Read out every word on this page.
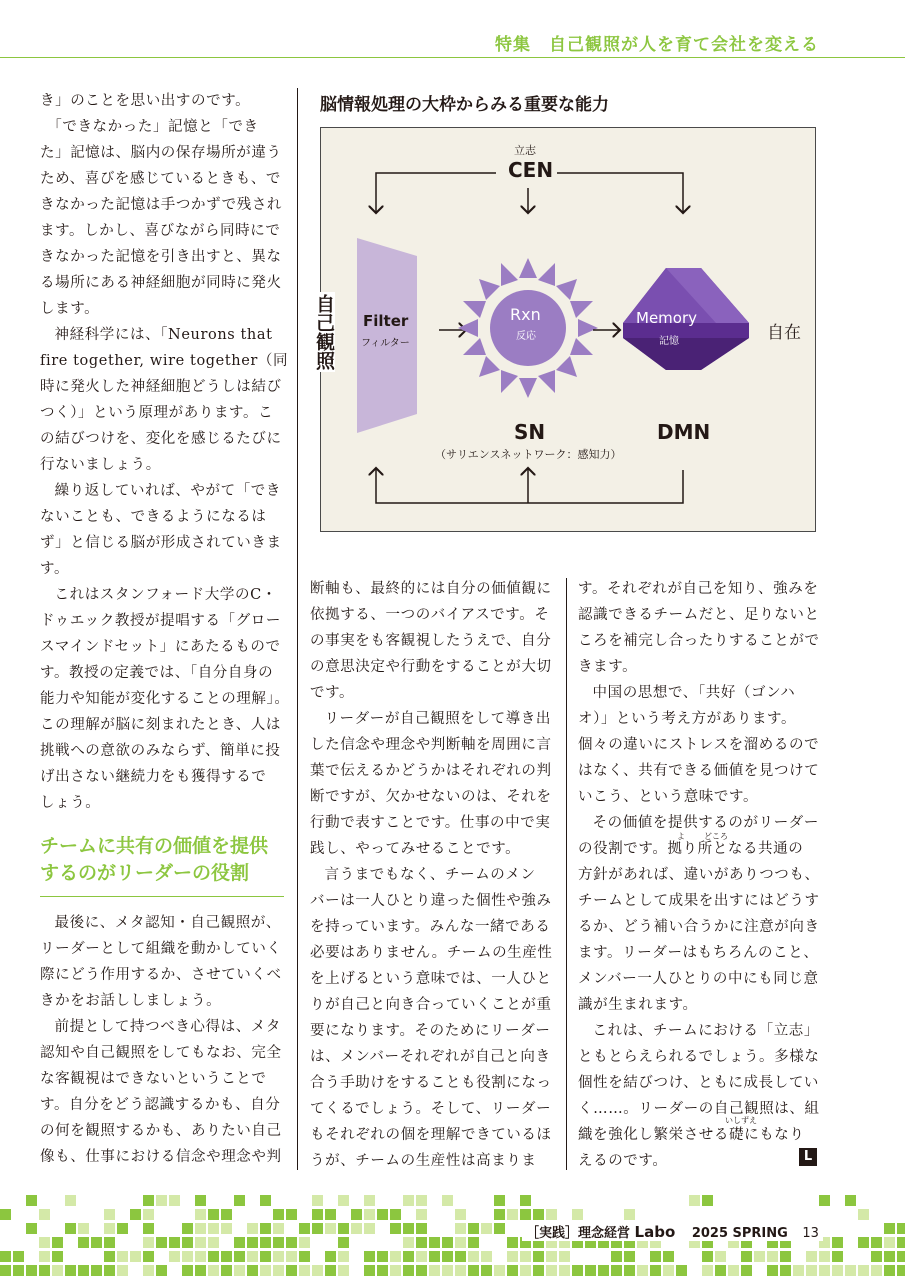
特集　自己観照が人を育て会社を変える

き」のことを思い出すのです。

「できなかった」記憶と「でき

た」記憶は、脳内の保存場所が違う

ため、喜びを感じているときも、で

きなかった記憶は手つかずで残され

ます。しかし、喜びながら同時にで

きなかった記憶を引き出すと、異な

る場所にある神経細胞が同時に発火

します。

神経科学には、「Neurons that

fire together, wire together（同

時に発火した神経細胞どうしは結び

つく）」という原理があります。こ

の結びつけを、変化を感じるたびに

行ないましょう。

繰り返していれば、やがて「でき

ないことも、できるようになるは

ず」と信じる脳が形成されていきま

す。

これはスタンフォード大学のC・

ドゥエック教授が提唱する「グロー

スマインドセット」にあたるもので

す。教授の定義では、「自分自身の

能力や知能が変化することの理解」。

この理解が脳に刻まれたとき、人は

挑戦への意欲のみならず、簡単に投

げ出さない継続力をも獲得するで

しょう。

チームに共有の価値を提供
するのがリーダーの役割

最後に、メタ認知・自己観照が、

リーダーとして組織を動かしていく

際にどう作用するか、させていくべ

きかをお話ししましょう。

前提として持つべき心得は、メタ

認知や自己観照をしてもなお、完全

な客観視はできないということで

す。自分をどう認識するかも、自分

の何を観照するかも、ありたい自己

像も、仕事における信念や理念や判

断軸も、最終的には自分の価値観に

依拠する、一つのバイアスです。そ

の事実をも客観視したうえで、自分

の意思決定や行動をすることが大切

です。

リーダーが自己観照をして導き出

した信念や理念や判断軸を周囲に言

葉で伝えるかどうかはそれぞれの判

断ですが、欠かせないのは、それを

行動で表すことです。仕事の中で実

践し、やってみせることです。

言うまでもなく、チームのメン

バーは一人ひとり違った個性や強み

を持っています。みんな一緒である

必要はありません。チームの生産性

を上げるという意味では、一人ひと

りが自己と向き合っていくことが重

要になります。そのためにリーダー

は、メンバーそれぞれが自己と向き

合う手助けをすることも役割になっ

てくるでしょう。そして、リーダー

もそれぞれの個を理解できているほ

うが、チームの生産性は高まりま

す。それぞれが自己を知り、強みを

認識できるチームだと、足りないと

ころを補完し合ったりすることがで

きます。

中国の思想で、「共好（ゴンハ

オ）」という考え方があります。

個々の違いにストレスを溜めるので

はなく、共有できる価値を見つけて

いこう、という意味です。

その価値を提供するのがリーダー

の役割です。拠り所となる共通の

方針があれば、違いがありつつも、

チームとして成果を出すにはどうす

るか、どう補い合うかに注意が向き

ます。リーダーはもちろんのこと、

メンバー一人ひとりの中にも同じ意

識が生まれます。

これは、チームにおける「立志」

ともとらえられるでしょう。多様な

個性を結びつけ、ともに成長してい

く……。リーダーの自己観照は、組

織を強化し繁栄させる礎にもなり

えるのです。

よ どころ
いしずえ
L
脳情報処理の大枠からみる重要な能力
立志
CEN
Filter
フィルター
Rxn
反応
Memory
記憶	自在
SN
（サリエンスネットワーク：感知力）
DMN
自己観照
［実践］理念経営 Labo 2025 SPRING 13
